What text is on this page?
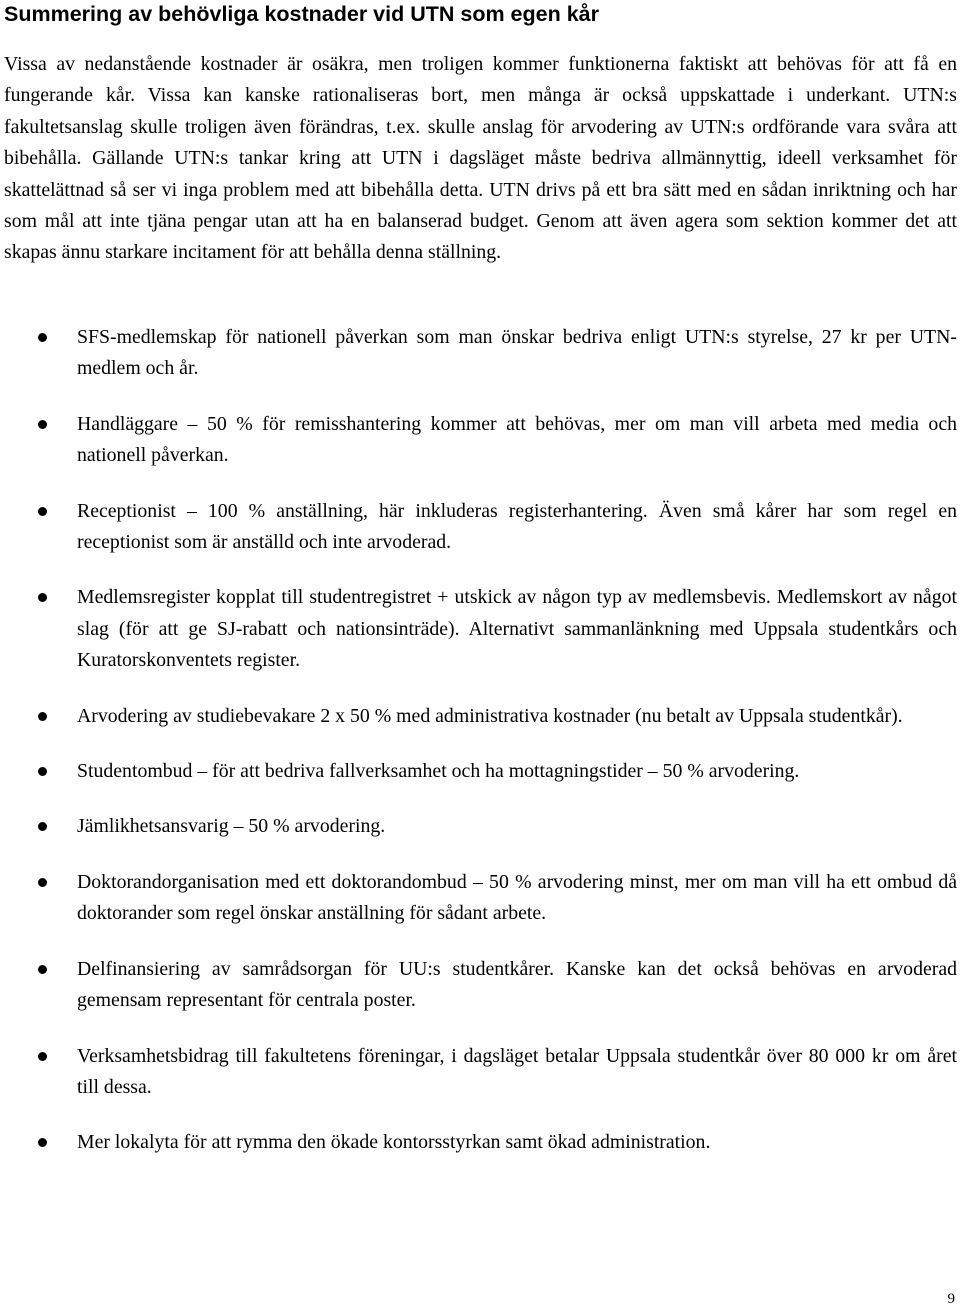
Summering av behövliga kostnader vid UTN som egen kår

Vissa av nedanstående kostnader är osäkra, men troligen kommer funktionerna faktiskt att behövas för att få en fungerande kår. Vissa kan kanske rationaliseras bort, men många är också uppskattade i underkant. UTN:s fakultetsanslag skulle troligen även förändras, t.ex. skulle anslag för arvodering av UTN:s ordförande vara svåra att bibehålla. Gällande UTN:s tankar kring att UTN i dagsläget måste bedriva allmännyttig, ideell verksamhet för skattelättnad så ser vi inga problem med att bibehålla detta. UTN drivs på ett bra sätt med en sådan inriktning och har som mål att inte tjäna pengar utan att ha en balanserad budget. Genom att även agera som sektion kommer det att skapas ännu starkare incitament för att behålla denna ställning.

SFS-medlemskap för nationell påverkan som man önskar bedriva enligt UTN:s styrelse, 27 kr per UTN-medlem och år.
Handläggare – 50 % för remisshantering kommer att behövas, mer om man vill arbeta med media och nationell påverkan.
Receptionist – 100 % anställning, här inkluderas registerhantering. Även små kårer har som regel en receptionist som är anställd och inte arvoderad.
Medlemsregister kopplat till studentregistret + utskick av någon typ av medlemsbevis. Medlemskort av något slag (för att ge SJ-rabatt och nationsinträde). Alternativt sammanlänkning med Uppsala studentkårs och Kuratorskonventets register.
Arvodering av studiebevakare 2 x 50 % med administrativa kostnader (nu betalt av Uppsala studentkår).
Studentombud – för att bedriva fallverksamhet och ha mottagningstider – 50 % arvodering.
Jämlikhetsansvarig – 50 % arvodering.
Doktorandorganisation med ett doktorandombud – 50 % arvodering minst, mer om man vill ha ett ombud då doktorander som regel önskar anställning för sådant arbete.
Delfinansiering av samrådsorgan för UU:s studentkårer. Kanske kan det också behövas en arvoderad gemensam representant för centrala poster.
Verksamhetsbidrag till fakultetens föreningar, i dagsläget betalar Uppsala studentkår över 80 000 kr om året till dessa.
Mer lokalyta för att rymma den ökade kontorsstyrkan samt ökad administration.
9
